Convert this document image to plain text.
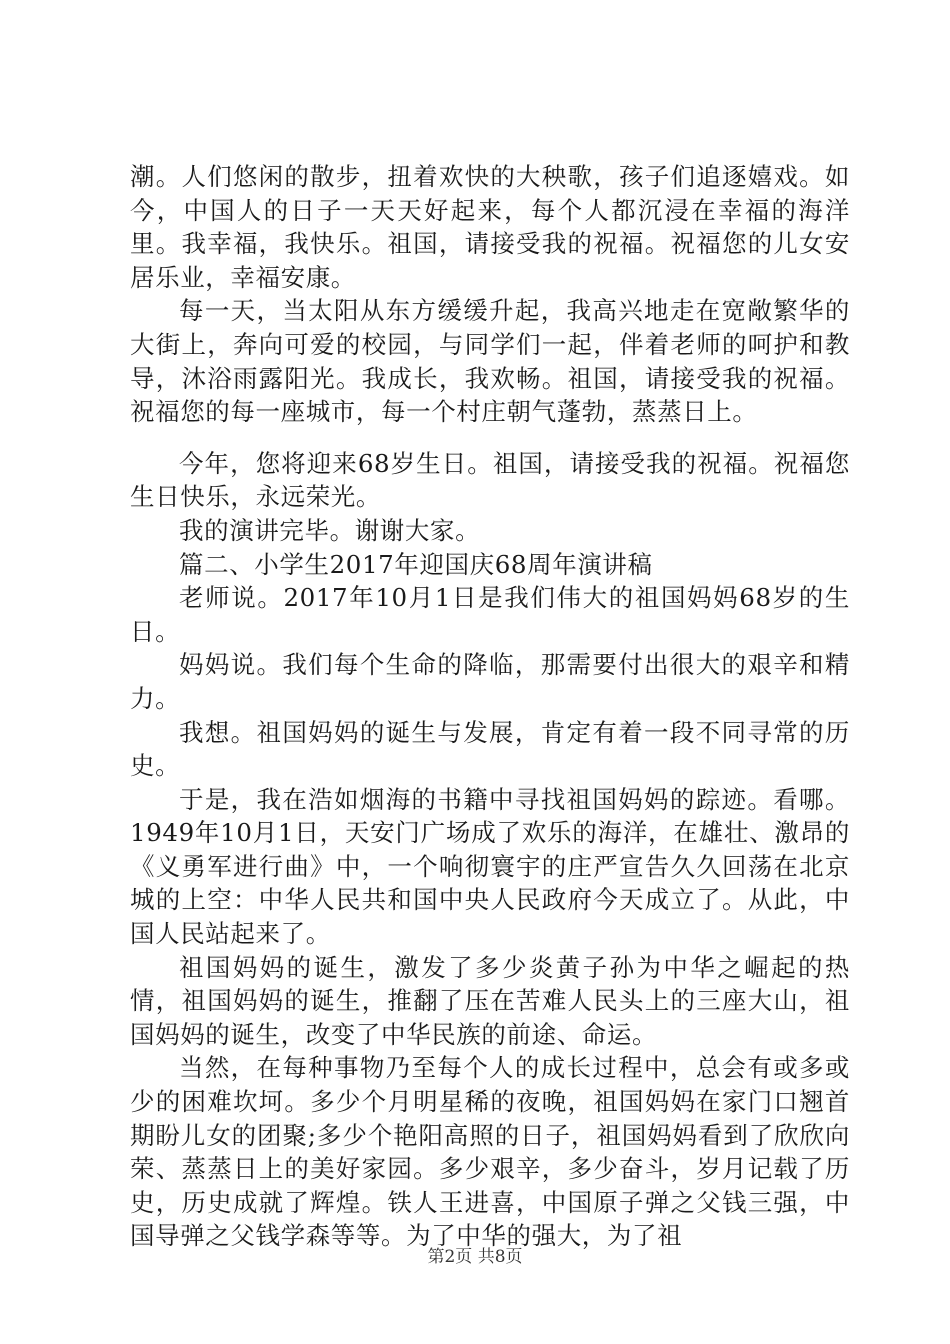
潮。人们悠闲的散步，扭着欢快的大秧歌，孩子们追逐嬉戏。如今，中国人的日子一天天好起来，每个人都沉浸在幸福的海洋里。我幸福，我快乐。祖国，请接受我的祝福。祝福您的儿女安居乐业，幸福安康。

每一天，当太阳从东方缓缓升起，我高兴地走在宽敞繁华的大街上，奔向可爱的校园，与同学们一起，伴着老师的呵护和教导，沐浴雨露阳光。我成长，我欢畅。祖国，请接受我的祝福。祝福您的每一座城市，每一个村庄朝气蓬勃，蒸蒸日上。

今年，您将迎来68岁生日。祖国，请接受我的祝福。祝福您生日快乐，永远荣光。

我的演讲完毕。谢谢大家。

篇二、小学生2017年迎国庆68周年演讲稿

老师说。2017年10月1日是我们伟大的祖国妈妈68岁的生日。

妈妈说。我们每个生命的降临，那需要付出很大的艰辛和精力。

我想。祖国妈妈的诞生与发展，肯定有着一段不同寻常的历史。

于是，我在浩如烟海的书籍中寻找祖国妈妈的踪迹。看哪。1949年10月1日，天安门广场成了欢乐的海洋，在雄壮、激昂的《义勇军进行曲》中，一个响彻寰宇的庄严宣告久久回荡在北京城的上空：中华人民共和国中央人民政府今天成立了。从此，中国人民站起来了。

祖国妈妈的诞生，激发了多少炎黄子孙为中华之崛起的热情，祖国妈妈的诞生，推翻了压在苦难人民头上的三座大山，祖国妈妈的诞生，改变了中华民族的前途、命运。

当然，在每种事物乃至每个人的成长过程中，总会有或多或少的困难坎坷。多少个月明星稀的夜晚，祖国妈妈在家门口翘首期盼儿女的团聚;多少个艳阳高照的日子，祖国妈妈看到了欣欣向荣、蒸蒸日上的美好家园。多少艰辛，多少奋斗，岁月记载了历史，历史成就了辉煌。铁人王进喜，中国原子弹之父钱三强，中国导弹之父钱学森等等。为了中华的强大，为了祖

第2页 共8页
